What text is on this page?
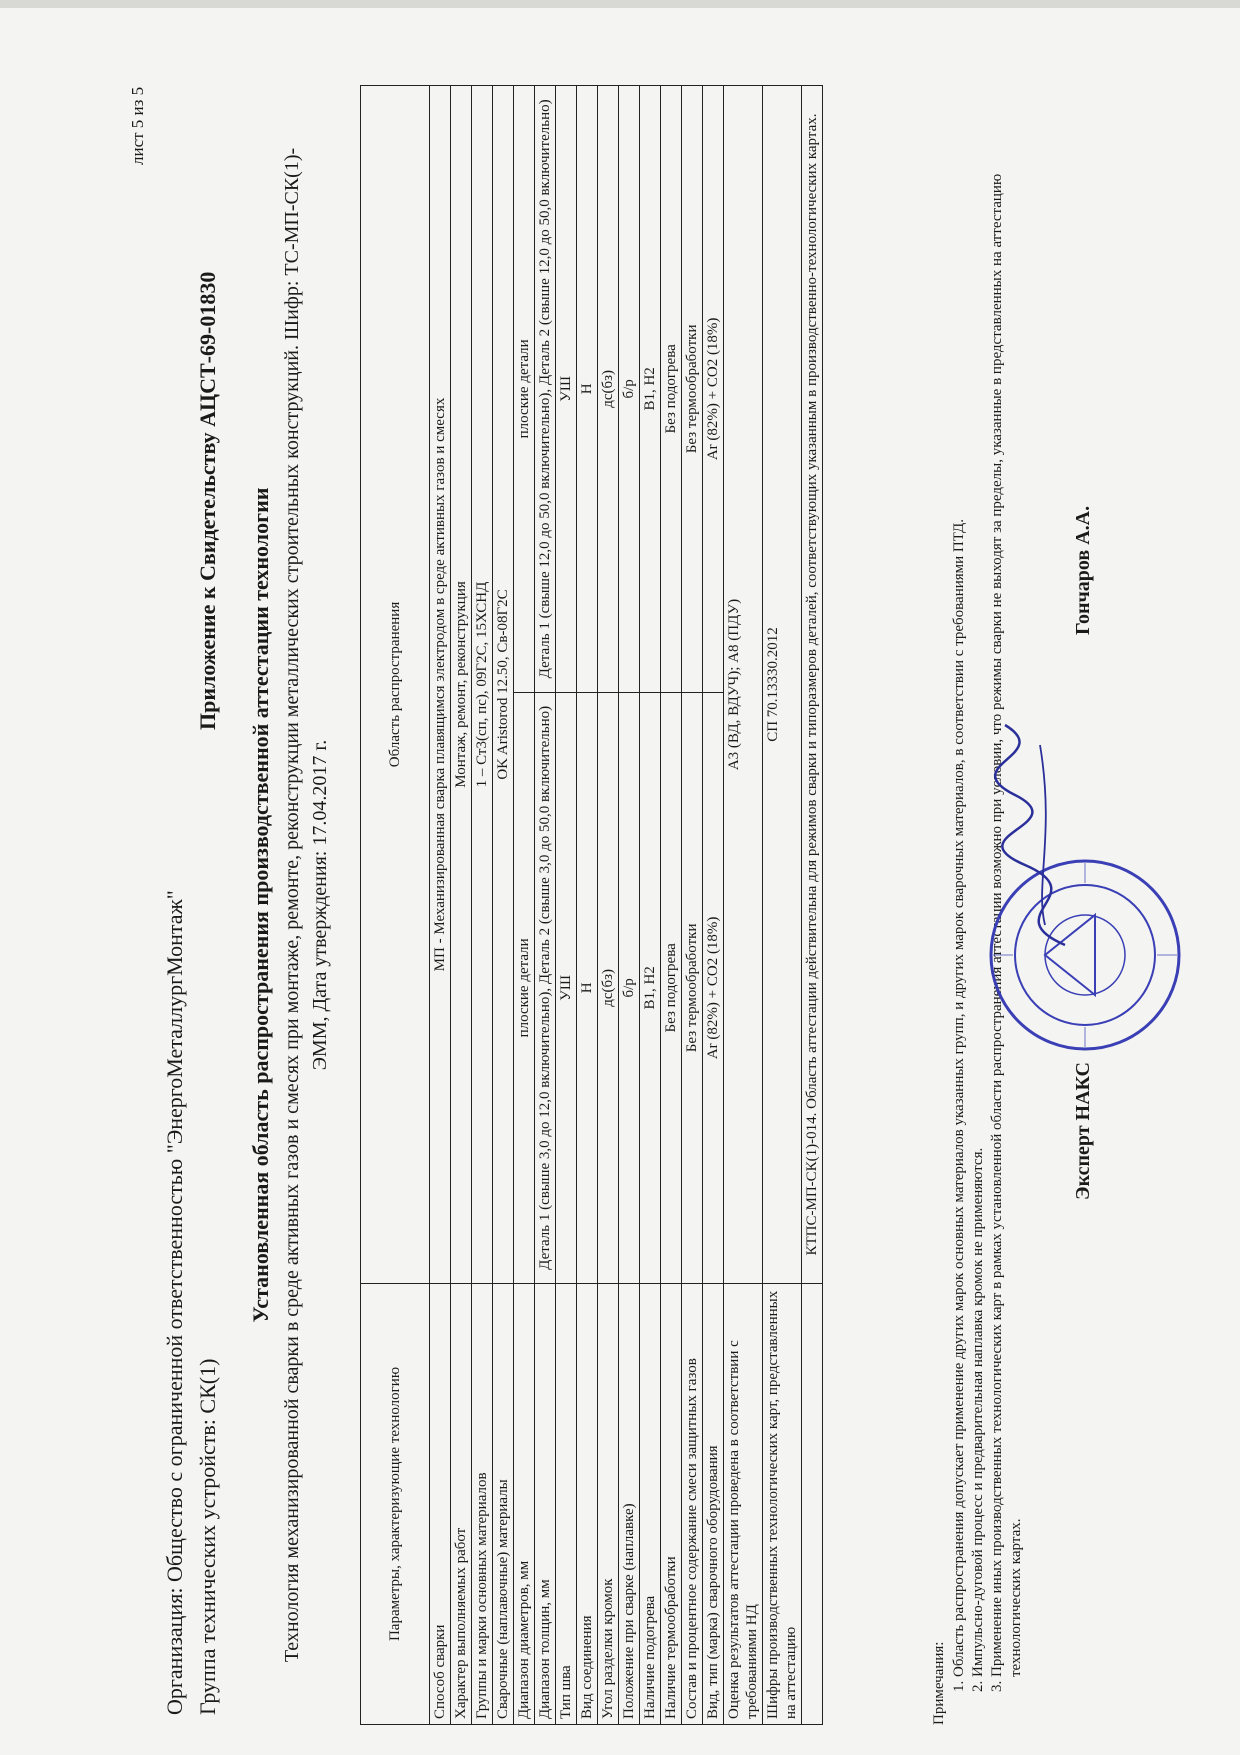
лист 5 из 5
Организация: Общество с ограниченной ответственностью "ЭнергоМеталлургМонтаж" Группа технических устройств: СК(1)
Приложение к Свидетельству АЦСТ-69-01830 Установленная область распространения производственной аттестации технологии Технология механизированной сварки в среде активных газов и смесях при монтаже, ремонте, реконструкции металлических строительных конструкций. Шифр: ТС-МП-СК(1)-ЭММ, Дата утверждения: 17.04.2017 г.
Параметры, характеризующие технологию	Область распространения	
Способ сварки	МП - Механизированная сварка плавящимся электродом в среде активных газов и смесях	
Характер выполняемых работ	Монтаж, ремонт, реконструкция	
Группы и марки основных материалов	1 – Ст3(сп, пс), 09Г2С, 15ХСНД	
Сварочные (наплавочные) материалы	OK Aristorod 12.50, Св-08Г2С	
Диапазон диаметров, мм	плоские детали	плоские детали
Диапазон толщин, мм	Деталь 1 (свыше 3,0 до 12,0 включительно), Деталь 2 (свыше 3,0 до 50,0 включительно)	Деталь 1 (свыше 12,0 до 50,0 включительно), Деталь 2 (свыше 12,0 до 50,0 включительно)
Тип шва	УШ	УШ
Вид соединения	Н	Н
Угол разделки кромок	дс(бз)	дс(бз)
Положение при сварке (наплавке)	б/р	б/р
Наличие подогрева	В1, Н2	В1, Н2
Наличие термообработки	Без подогрева	Без подогрева
Состав и процентное содержание смеси защитных газов	Без термообработки	Без термообработки
Вид, тип (марка) сварочного оборудования	Ar (82%) + CO2 (18%)	Ar (82%) + CO2 (18%)
Оценка результатов аттестации проведена в соответствии с требованиями НД	А3 (ВД, ВДУЧ); А8 (ПДУ)	
Шифры производственных технологических карт, представленных на аттестацию	СП 70.13330.2012	
	КТПС-МП-СК(1)-014. Область аттестации действительна для режимов сварки и типоразмеров деталей, соответствующих указанным в производственно-технологических картах.	
Примечания:
1. Область распространения допускает применение других марок основных материалов указанных групп, и других марок сварочных материалов, в соответствии с требованиями ПТД. 2. Импульсно-дуговой процесс и предварительная наплавка кромок не применяются. 3. Применение иных производственных технологических карт в рамках установленной области распространения аттестации возможно при условии, что режимы сварки не выходят за пределы, указанные в представленных на аттестацию технологических картах.
Эксперт НАКС
Гончаров А.А.
